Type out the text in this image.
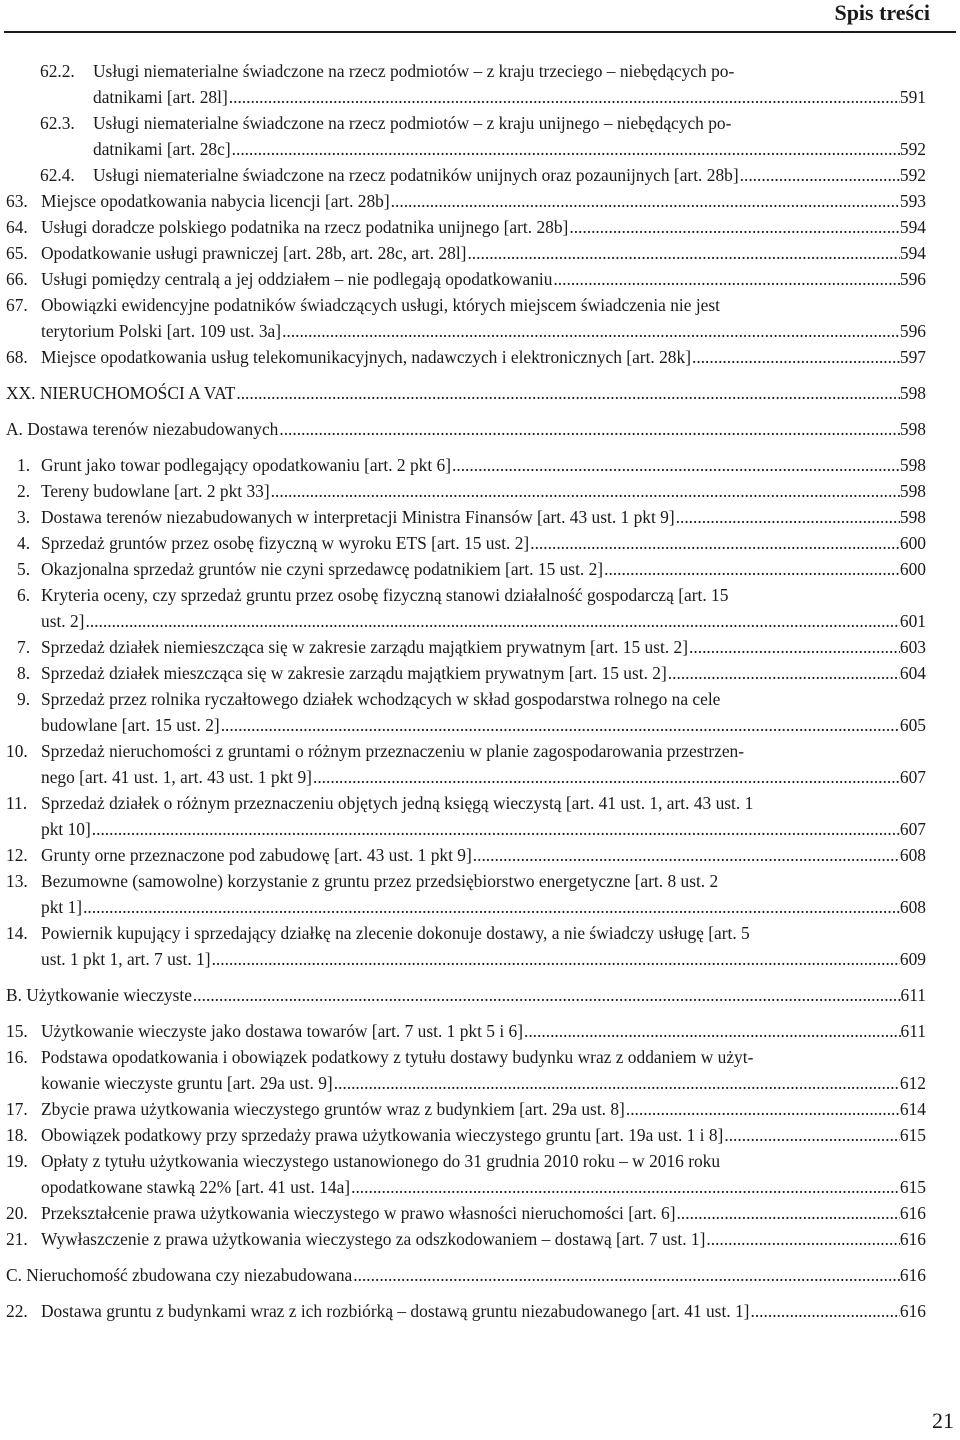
Spis treści
62.2. Usługi niematerialne świadczone na rzecz podmiotów – z kraju trzeciego – niebędących po-
datnikami [art. 28l] .....	591
62.3. Usługi niematerialne świadczone na rzecz podmiotów – z kraju unijnego – niebędących po-
datnikami [art. 28c] .....	592
62.4. Usługi niematerialne świadczone na rzecz podatników unijnych oraz pozaunijnych [art. 28b] .....	592
63. Miejsce opodatkowania nabycia licencji [art. 28b] .....	593
64. Usługi doradcze polskiego podatnika na rzecz podatnika unijnego [art. 28b] .....	594
65. Opodatkowanie usługi prawniczej [art. 28b, art. 28c, art. 28l] .....	594
66. Usługi pomiędzy centralą a jej oddziałem – nie podlegają opodatkowaniu .....	596
67. Obowiązki ewidencyjne podatników świadczących usługi, których miejscem świadczenia nie jest
terytorium Polski [art. 109 ust. 3a] .....	596
68. Miejsce opodatkowania usług telekomunikacyjnych, nadawczych i elektronicznych [art. 28k] .....	597
XX. NIERUCHOMOŚCI A VAT .....	598
A. Dostawa terenów niezabudowanych .....	598
1. Grunt jako towar podlegający opodatkowaniu [art. 2 pkt 6] .....	598
2. Tereny budowlane [art. 2 pkt 33] .....	598
3. Dostawa terenów niezabudowanych w interpretacji Ministra Finansów [art. 43 ust. 1 pkt 9] .....	598
4. Sprzedaż gruntów przez osobę fizyczną w wyroku ETS [art. 15 ust. 2] .....	600
5. Okazjonalna sprzedaż gruntów nie czyni sprzedawcę podatnikiem [art. 15 ust. 2] .....	600
6. Kryteria oceny, czy sprzedaż gruntu przez osobę fizyczną stanowi działalność gospodarczą [art. 15
ust. 2] .....	601
7. Sprzedaż działek niemieszcząca się w zakresie zarządu majątkiem prywatnym [art. 15 ust. 2] .....	603
8. Sprzedaż działek mieszcząca się w zakresie zarządu majątkiem prywatnym [art. 15 ust. 2] .....	604
9. Sprzedaż przez rolnika ryczałtowego działek wchodzących w skład gospodarstwa rolnego na cele
budowlane [art. 15 ust. 2] .....	605
10. Sprzedaż nieruchomości z gruntami o różnym przeznaczeniu w planie zagospodarowania przestrzen-
nego [art. 41 ust. 1, art. 43 ust. 1 pkt 9] .....	607
11. Sprzedaż działek o różnym przeznaczeniu objętych jedną księgą wieczystą [art. 41 ust. 1, art. 43 ust. 1
pkt 10] .....	607
12. Grunty orne przeznaczone pod zabudowę [art. 43 ust. 1 pkt 9] .....	608
13. Bezumowne (samowolne) korzystanie z gruntu przez przedsiębiorstwo energetyczne [art. 8 ust. 2
pkt 1] .....	608
14. Powiernik kupujący i sprzedający działkę na zlecenie dokonuje dostawy, a nie świadczy usługę [art. 5
ust. 1 pkt 1, art. 7 ust. 1] .....	609
B. Użytkowanie wieczyste .....	611
15. Użytkowanie wieczyste jako dostawa towarów [art. 7 ust. 1 pkt 5 i 6] .....	611
16. Podstawa opodatkowania i obowiązek podatkowy z tytułu dostawy budynku wraz z oddaniem w użyt-
kowanie wieczyste gruntu [art. 29a ust. 9] .....	612
17. Zbycie prawa użytkowania wieczystego gruntów wraz z budynkiem [art. 29a ust. 8] .....	614
18. Obowiązek podatkowy przy sprzedaży prawa użytkowania wieczystego gruntu [art. 19a ust. 1 i 8] .....	615
19. Opłaty z tytułu użytkowania wieczystego ustanowionego do 31 grudnia 2010 roku – w 2016 roku
opodatkowane stawką 22% [art. 41 ust. 14a] .....	615
20. Przekształcenie prawa użytkowania wieczystego w prawo własności nieruchomości [art. 6] .....	616
21. Wywłaszczenie z prawa użytkowania wieczystego za odszkodowaniem – dostawą [art. 7 ust. 1] .....	616
C. Nieruchomość zbudowana czy niezabudowana .....	616
22. Dostawa gruntu z budynkami wraz z ich rozbiórką – dostawą gruntu niezabudowanego [art. 41 ust. 1] .....	616
21
